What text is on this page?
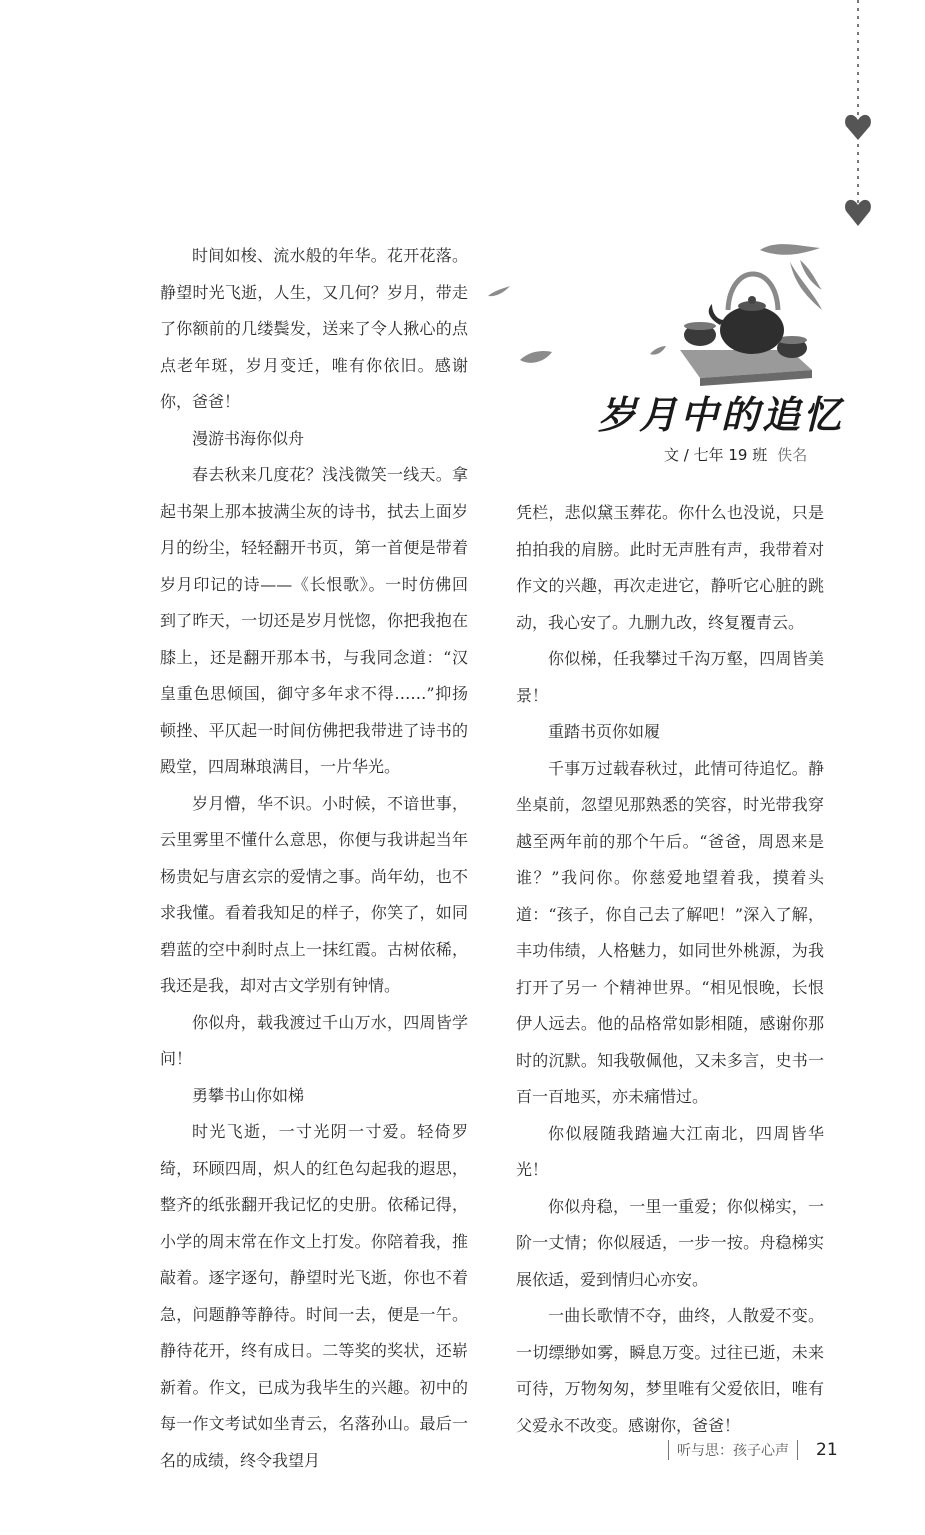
岁月中的追忆
文 / 七年 19 班 佚名

时间如梭、流水般的年华。花开花落。静望时光飞逝，人生，又几何？岁月，带走了你额前的几缕鬓发，送来了令人揪心的点点老年斑，岁月变迁，唯有你依旧。感谢你，爸爸！

漫游书海你似舟

春去秋来几度花？浅浅微笑一线天。拿起书架上那本披满尘灰的诗书，拭去上面岁月的纷尘，轻轻翻开书页，第一首便是带着岁月印记的诗——《长恨歌》。一时仿佛回到了昨天，一切还是岁月恍惚，你把我抱在膝上，还是翻开那本书，与我同念道：“汉皇重色思倾国，御守多年求不得……”抑扬顿挫、平仄起一时间仿佛把我带进了诗书的殿堂，四周琳琅满目，一片华光。

岁月懵，华不识。小时候，不谙世事，云里雾里不懂什么意思，你便与我讲起当年杨贵妃与唐玄宗的爱情之事。尚年幼，也不求我懂。看着我知足的样子，你笑了，如同碧蓝的空中刹时点上一抹红霞。古树依稀，我还是我，却对古文学别有钟情。

你似舟，载我渡过千山万水，四周皆学问！

勇攀书山你如梯

时光飞逝，一寸光阴一寸爱。轻倚罗绮，环顾四周，炽人的红色勾起我的遐思，整齐的纸张翻开我记忆的史册。依稀记得，小学的周末常在作文上打发。你陪着我，推敲着。逐字逐句，静望时光飞逝，你也不着急，问题静等静待。时间一去，便是一午。静待花开，终有成日。二等奖的奖状，还崭新着。作文，已成为我毕生的兴趣。初中的每一作文考试如坐青云，名落孙山。最后一名的成绩，终令我望月

凭栏，悲似黛玉葬花。你什么也没说，只是拍拍我的肩膀。此时无声胜有声，我带着对作文的兴趣，再次走进它，静听它心脏的跳动，我心安了。九删九改，终复覆青云。

你似梯，任我攀过千沟万壑，四周皆美景！

重踏书页你如履

千事万过载春秋过，此情可待追忆。静坐桌前，忽望见那熟悉的笑容，时光带我穿越至两年前的那个午后。“爸爸，周恩来是谁？”我问你。你慈爱地望着我，摸着头道：“孩子，你自己去了解吧！”深入了解，丰功伟绩，人格魅力，如同世外桃源，为我打开了另一 个精神世界。“相见恨晚，长恨伊人远去。他的品格常如影相随，感谢你那时的沉默。知我敬佩他，又未多言，史书一百一百地买，亦未痛惜过。

你似屐随我踏遍大江南北，四周皆华光！

你似舟稳，一里一重爱；你似梯实，一阶一丈情；你似屐适，一步一按。舟稳梯实展依适，爱到情归心亦安。

一曲长歌情不夺，曲终，人散爱不变。一切缥缈如雾，瞬息万变。过往已逝，未来可待，万物匆匆，梦里唯有父爱依旧，唯有父爱永不改变。感谢你，爸爸！

听与思：孩子心声 21
